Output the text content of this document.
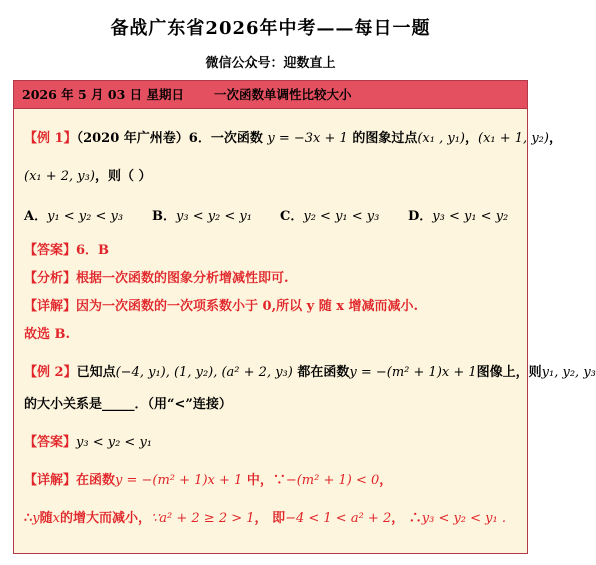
备战广东省2026年中考——每日一题
微信公众号：迎数直上
2026 年 5 月 03 日 星期日 一次函数单调性比较大小
【例 1】（2020 年广州卷）6．一次函数 y = −3x + 1 的图象过点(x₁ , y₁)，(x₁ + 1, y₂)，
(x₁ + 2, y₃)，则（ ）
A．y₁ < y₂ < y₃ B．y₃ < y₂ < y₁ C．y₂ < y₁ < y₃ D．y₃ < y₁ < y₂
【答案】6．B
【分析】根据一次函数的图象分析增减性即可.
【详解】因为一次函数的一次项系数小于 0,所以 y 随 x 增减而减小.
故选 B.
【例 2】已知点(−4, y₁), (1, y₂), (a² + 2, y₃) 都在函数y = −(m² + 1)x + 1图像上，则y₁, y₂, y₃
的大小关系是_____．（用“<”连接）
【答案】y₃ < y₂ < y₁
【详解】在函数y = −(m² + 1)x + 1 中，∵−(m² + 1) < 0，
∴y随x的增大而减小，∵a² + 2 ≥ 2 > 1， 即−4 < 1 < a² + 2， ∴y₃ < y₂ < y₁ .
